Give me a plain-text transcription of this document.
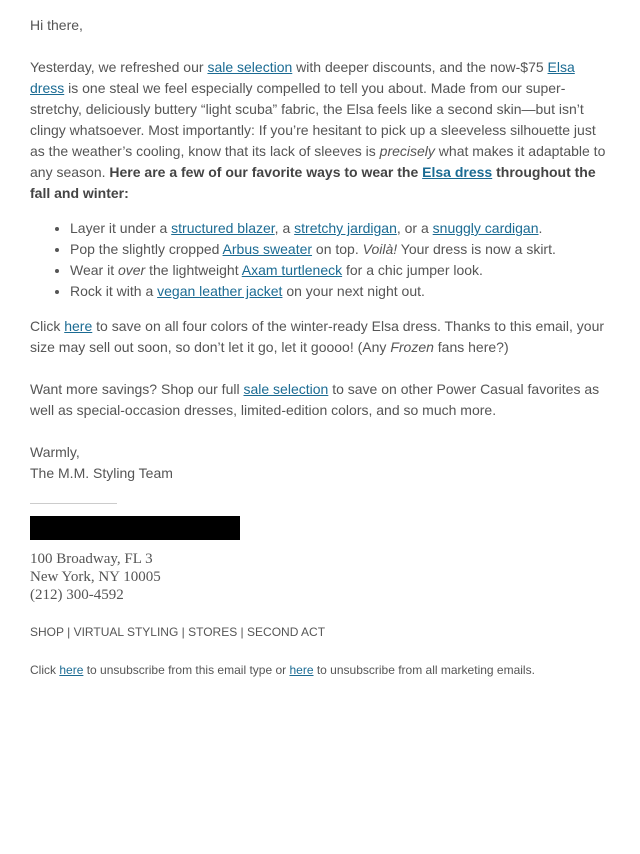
Hi there,

Yesterday, we refreshed our sale selection with deeper discounts, and the now-$75 Elsa dress is one steal we feel especially compelled to tell you about. Made from our super-stretchy, deliciously buttery “light scuba” fabric, the Elsa feels like a second skin—but isn’t clingy whatsoever. Most importantly: If you’re hesitant to pick up a sleeveless silhouette just as the weather’s cooling, know that its lack of sleeves is precisely what makes it adaptable to any season. Here are a few of our favorite ways to wear the Elsa dress throughout the fall and winter:

• Layer it under a structured blazer, a stretchy jardigan, or a snuggly cardigan.
• Pop the slightly cropped Arbus sweater on top. Voilà! Your dress is now a skirt.
• Wear it over the lightweight Axam turtleneck for a chic jumper look.
• Rock it with a vegan leather jacket on your next night out.

Click here to save on all four colors of the winter-ready Elsa dress. Thanks to this email, your size may sell out soon, so don’t let it go, let it goooo! (Any Frozen fans here?)

Want more savings? Shop our full sale selection to save on other Power Casual favorites as well as special-occasion dresses, limited-edition colors, and so much more.

Warmly,

The M.M. Styling Team

100 Broadway, FL 3
New York, NY 10005
(212) 300-4592
SHOP | VIRTUAL STYLING | STORES | SECOND ACT
Click here to unsubscribe from this email type or here to unsubscribe from all marketing emails.
